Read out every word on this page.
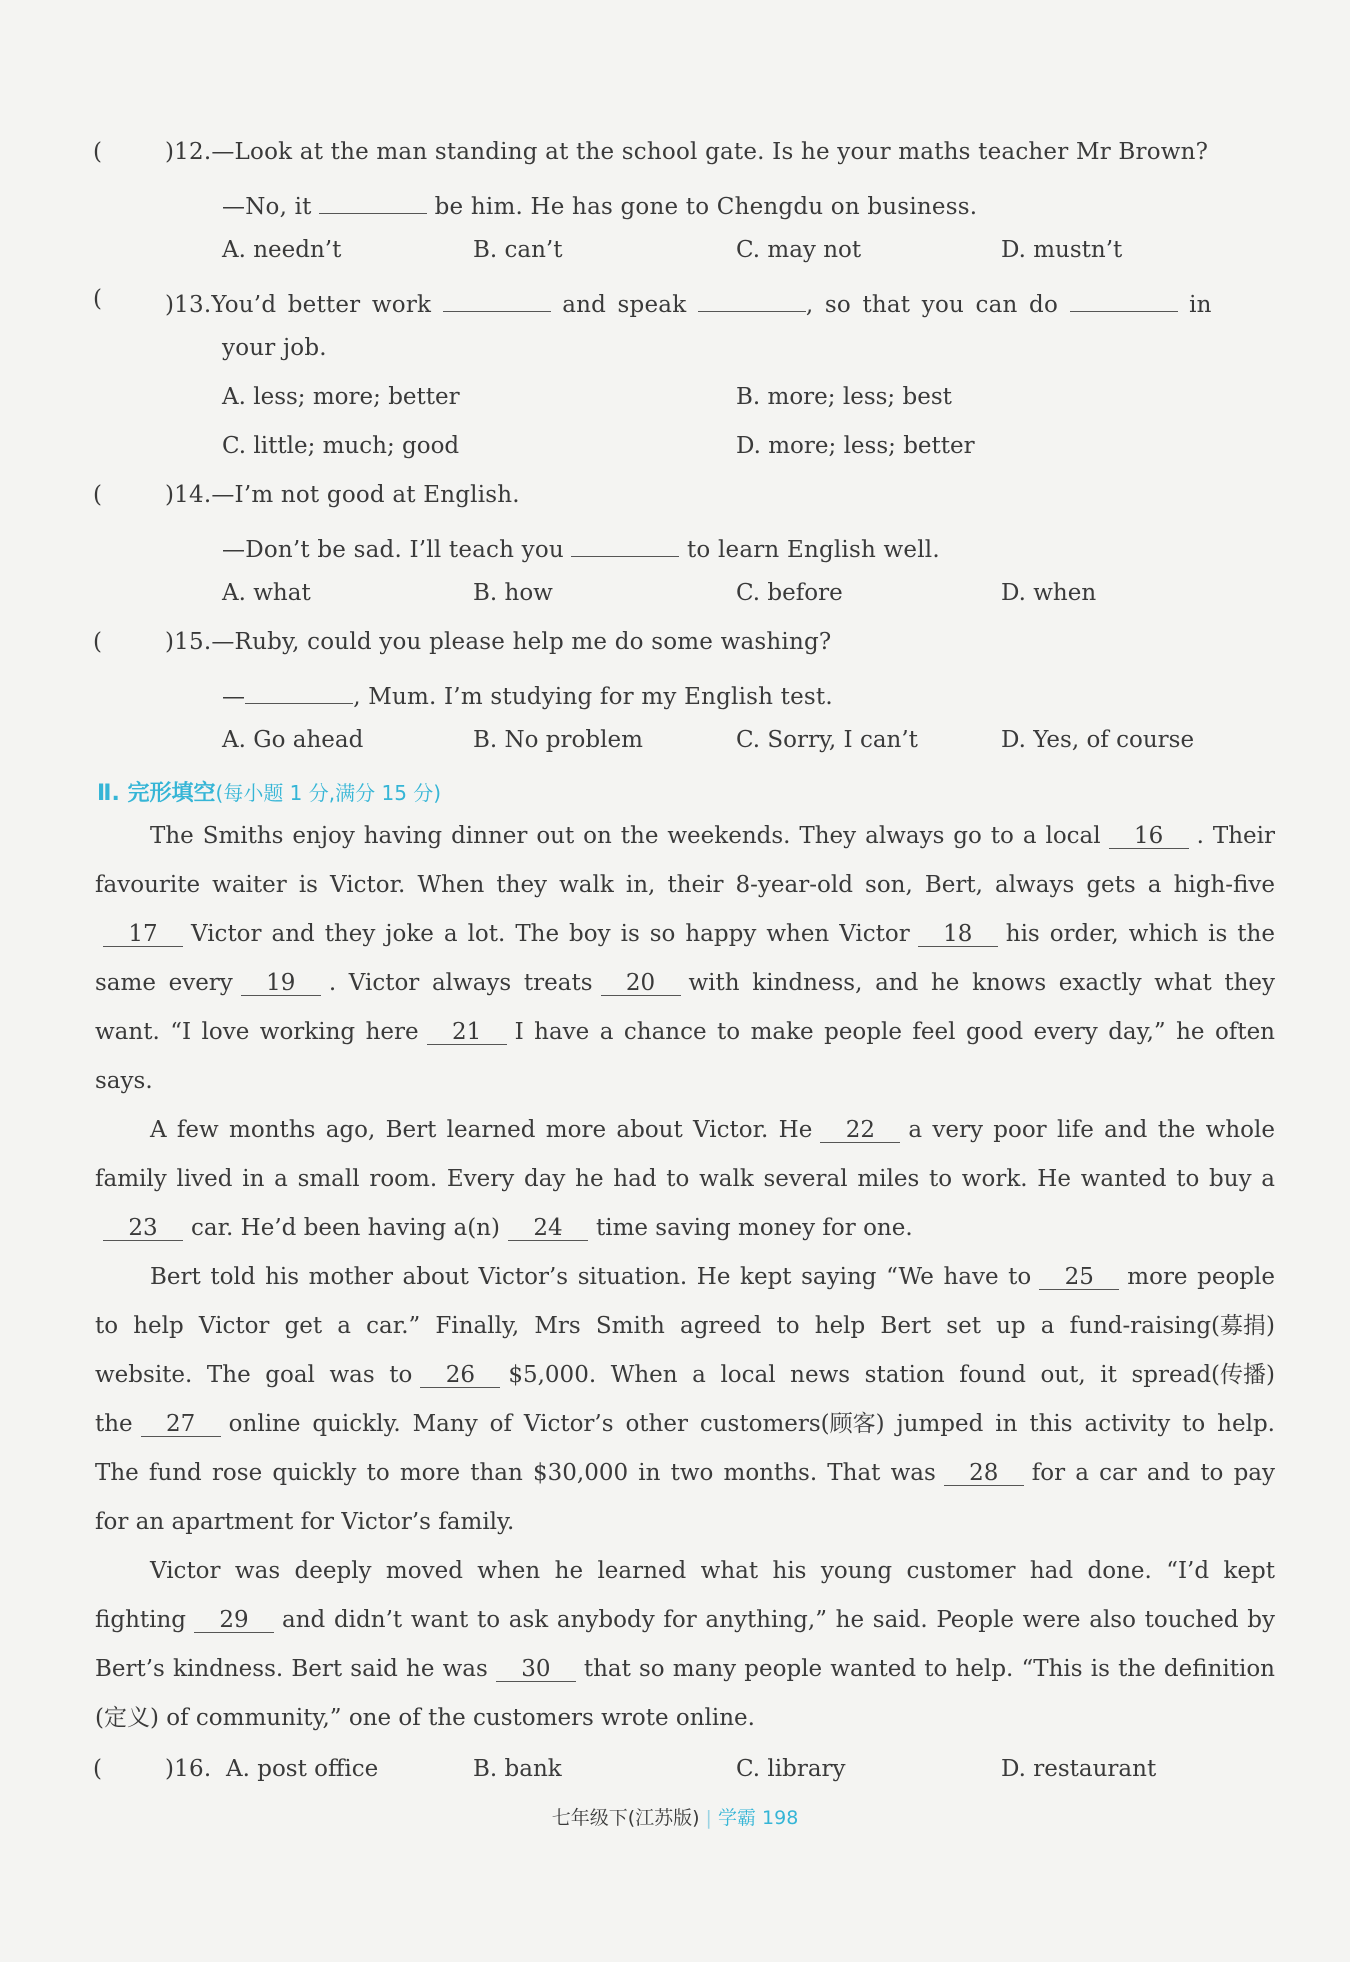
(	)12.—Look at the man standing at the school gate. Is he your maths teacher Mr Brown?
—No, it	be him. He has gone to Chengdu on business.
A. needn’t	B. can’t	C. may not	D. mustn’t
(	)13.You’d better work	and speak	, so that you can do	in
your job.
A. less; more; better	B. more; less; best
C. little; much; good	D. more; less; better
(	)14.—I’m not good at English.
—Don’t be sad. I’ll teach you	to learn English well.
A. what	B. how	C. before	D. when
(	)15.—Ruby, could you please help me do some washing?
—	, Mum. I’m studying for my English test.
A. Go ahead	B. No problem	C. Sorry, I can’t	D. Yes, of course
Ⅱ. 完形填空(每小题 1 分,满分 15 分)
The Smiths enjoy having dinner out on the weekends. They always go to a local 16 . Their
favourite waiter is Victor. When they walk in, their 8-year-old son, Bert, always gets a high-five
17 Victor and they joke a lot. The boy is so happy when Victor 18 his order, which is the
same every 19 . Victor always treats 20 with kindness, and he knows exactly what they
want. “I love working here 21 I have a chance to make people feel good every day,” he often
says.
A few months ago, Bert learned more about Victor. He 22 a very poor life and the whole
family lived in a small room. Every day he had to walk several miles to work. He wanted to buy a
23 car. He’d been having a(n) 24 time saving money for one.
Bert told his mother about Victor’s situation. He kept saying “We have to 25 more people
to help Victor get a car.” Finally, Mrs Smith agreed to help Bert set up a fund-raising(募捐)
website. The goal was to 26 $5,000. When a local news station found out, it spread(传播)
the 27 online quickly. Many of Victor’s other customers(顾客) jumped in this activity to help.
The fund rose quickly to more than $30,000 in two months. That was 28 for a car and to pay
for an apartment for Victor’s family.
Victor was deeply moved when he learned what his young customer had done. “I’d kept
fighting 29 and didn’t want to ask anybody for anything,” he said. People were also touched by
Bert’s kindness. Bert said he was 30 that so many people wanted to help. “This is the definition
(定义) of community,” one of the customers wrote online.
(	)16. A. post office	B. bank	C. library	D. restaurant
七年级下(江苏版) | 学霸 198
